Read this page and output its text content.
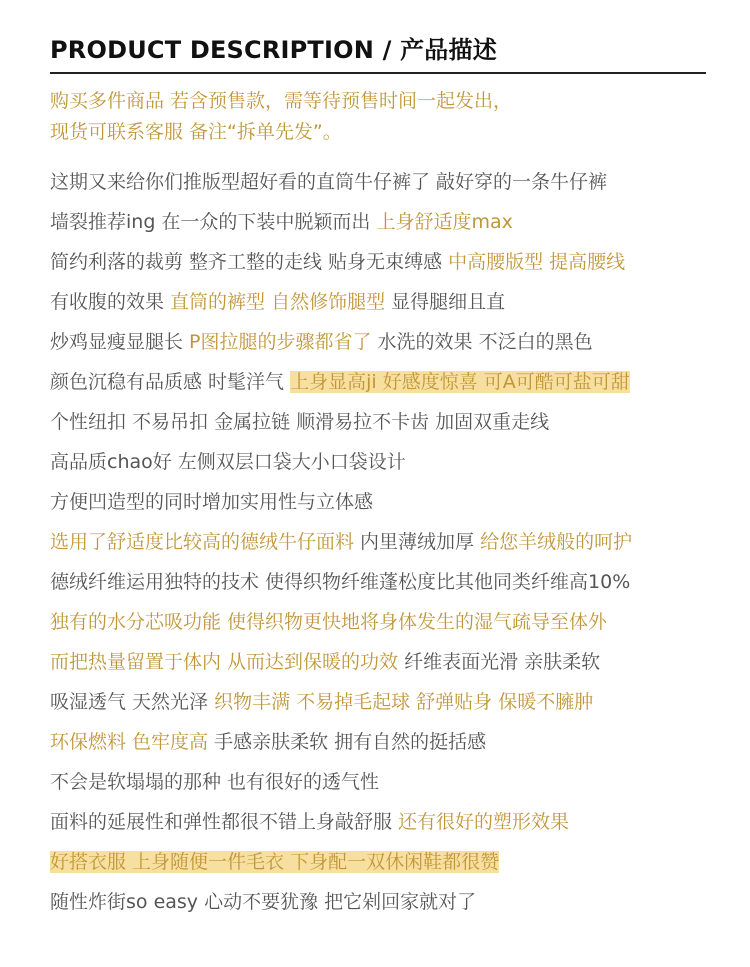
PRODUCT DESCRIPTION / 产品描述
购买多件商品 若含预售款，需等待预售时间一起发出，
现货可联系客服 备注“拆单先发”。
这期又来给你们推版型超好看的直筒牛仔裤了 敲好穿的一条牛仔裤
墙裂推荐ing 在一众的下装中脱颖而出 上身舒适度max
简约利落的裁剪 整齐工整的走线 贴身无束缚感 中高腰版型 提高腰线
有收腹的效果 直筒的裤型 自然修饰腿型 显得腿细且直
炒鸡显瘦显腿长 P图拉腿的步骤都省了 水洗的效果 不泛白的黑色
颜色沉稳有品质感 时髦洋气 上身显高ji 好感度惊喜 可A可酷可盐可甜
个性纽扣 不易吊扣 金属拉链 顺滑易拉不卡齿 加固双重走线
高品质chao好 左侧双层口袋大小口袋设计
方便凹造型的同时增加实用性与立体感
选用了舒适度比较高的德绒牛仔面料 内里薄绒加厚 给您羊绒般的呵护
德绒纤维运用独特的技术 使得织物纤维蓬松度比其他同类纤维高10%
独有的水分芯吸功能 使得织物更快地将身体发生的湿气疏导至体外
而把热量留置于体内 从而达到保暖的功效 纤维表面光滑 亲肤柔软
吸湿透气 天然光泽 织物丰满 不易掉毛起球 舒弹贴身 保暖不臃肿
环保燃料 色牢度高 手感亲肤柔软 拥有自然的挺括感
不会是软塌塌的那种 也有很好的透气性
面料的延展性和弹性都很不错上身敲舒服 还有很好的塑形效果
好搭衣服 上身随便一件毛衣 下身配一双休闲鞋都很赞
随性炸街so easy 心动不要犹豫 把它剁回家就对了
